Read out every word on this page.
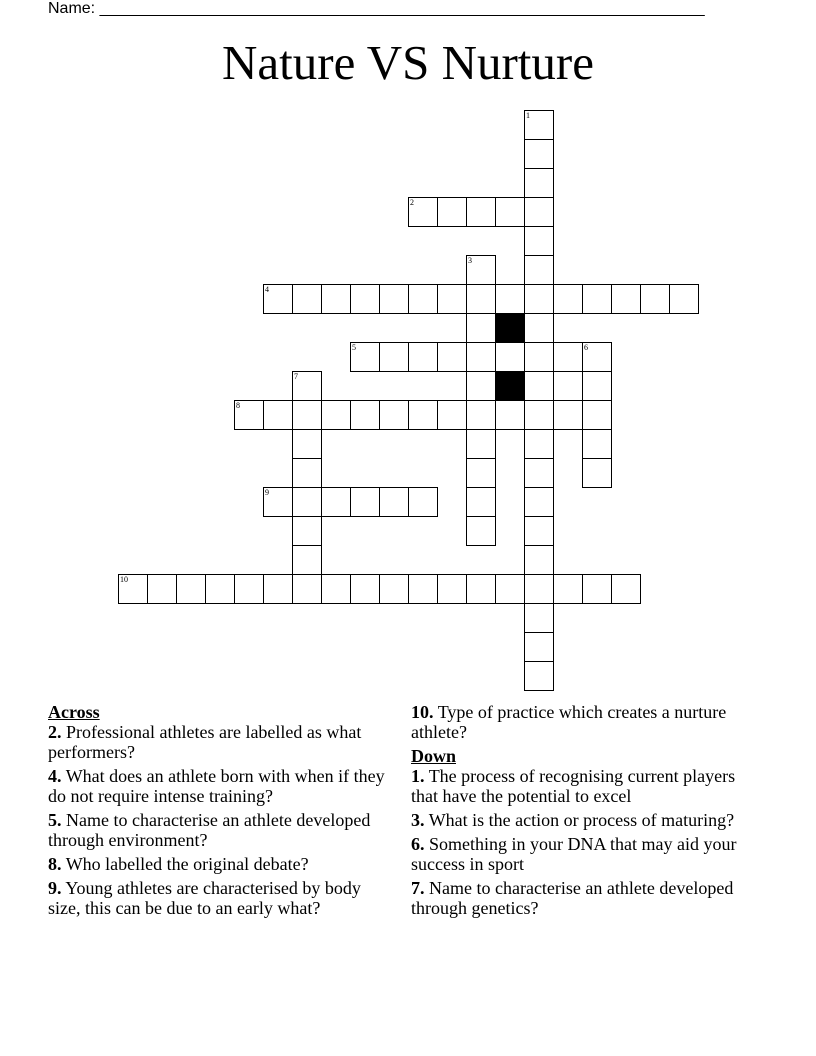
Name: ____________________________________________________________________
Nature VS Nurture
1
2
3
4
5	6
7
8
9
10
Across
2. Professional athletes are labelled as what performers?
4. What does an athlete born with when if they do not require intense training?
5. Name to characterise an athlete developed through environment?
8. Who labelled the original debate?
9. Young athletes are characterised by body size, this can be due to an early what?
10. Type of practice which creates a nurture athlete?
Down
1. The process of recognising current players that have the potential to excel
3. What is the action or process of maturing?
6. Something in your DNA that may aid your success in sport
7. Name to characterise an athlete developed through genetics?
